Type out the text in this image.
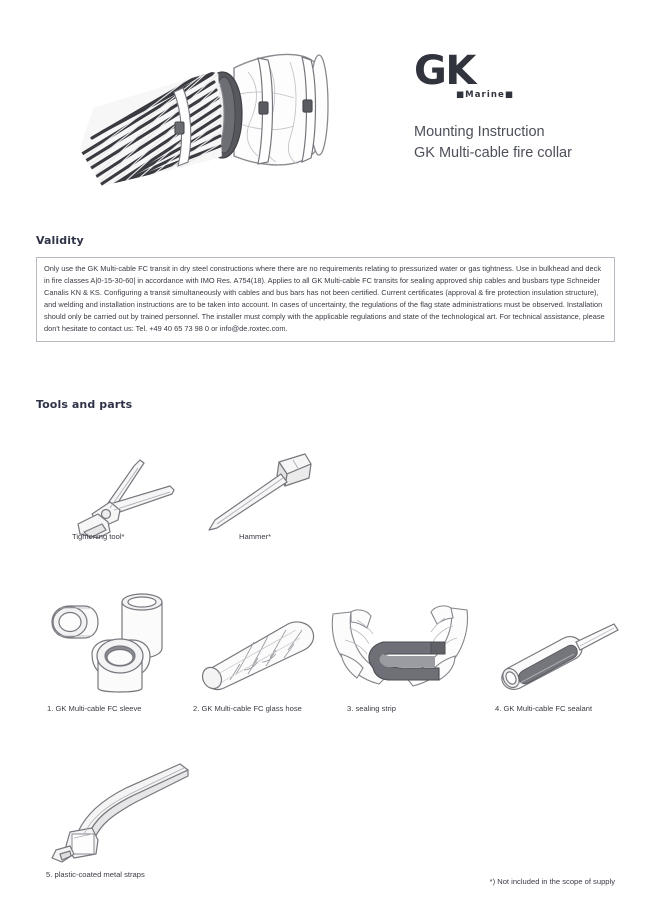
GK
■Marine■
Mounting Instruction
GK Multi-cable fire collar
Validity

Only use the GK Multi-cable FC transit in dry steel constructions where there are no requirements relating to pressurized water or gas tightness. Use in bulkhead and deck in fire classes A|0-15-30-60| in accordance with IMO Res. A754(18). Applies to all GK Multi-cable FC transits for sealing approved ship cables and busbars type Schneider Canalis KN & KS. Configuring a transit simultaneously with cables and bus bars has not been certified. Current certificates (approval & fire protection insulation structure), and welding and installation instructions are to be taken into account. In cases of uncertainty, the regulations of the flag state administrations must be observed. Installation should only be carried out by trained personnel. The installer must comply with the applicable regulations and state of the technological art. For technical assistance, please don't hesitate to contact us: Tel. +49 40 65 73 98 0 or info@de.roxtec.com.

Tools and parts
Tightening tool*	Hammer*
1. GK Multi-cable FC sleeve	2. GK Multi-cable FC glass hose	3. sealing strip	4. GK Multi-cable FC sealant
5. plastic-coated metal straps
*) Not included in the scope of supply
